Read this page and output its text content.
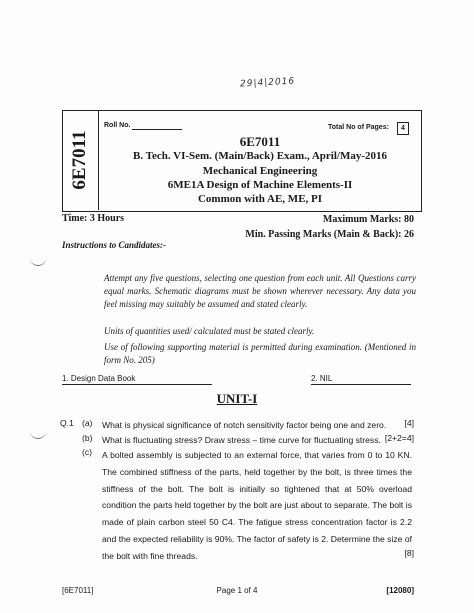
29|4|2016
6E7011
Roll No.	Total No of Pages:	4
6E7011
B. Tech. VI-Sem. (Main/Back) Exam., April/May-2016
Mechanical Engineering
6ME1A Design of Machine Elements-II
Common with AE, ME, PI
Time: 3 Hours	Maximum Marks: 80
Min. Passing Marks (Main & Back): 26
Instructions to Candidates:-
Attempt any five questions, selecting one question from each unit. All Questions carry equal marks. Schematic diagrams must be shown wherever necessary. Any data you feel missing may suitably be assumed and stated clearly.
Units of quantities used/ calculated must be stated clearly.
Use of following supporting material is permitted during examination. (Mentioned in form No. 205)
1. Design Data Book	2. NIL
UNIT-I
Q.1 (a) What is physical significance of notch sensitivity factor being one and zero.	[4]
(b) What is fluctuating stress? Draw stress – time curve for fluctuating stress. [2+2=4]
(c) A bolted assembly is subjected to an external force, that varies from 0 to 10 KN. The combined stiffness of the parts, held together by the bolt, is three times the stiffness of the bolt. The bolt is initially so tightened that at 50% overload condition the parts held together by the bolt are just about to separate. The bolt is made of plain carbon steel 50 C4. The fatigue stress concentration factor is 2.2 and the expected reliability is 90%. The factor of safety is 2. Determine the size of the bolt with fine threads.	[8]
[6E7011]	Page 1 of 4	[12080]
